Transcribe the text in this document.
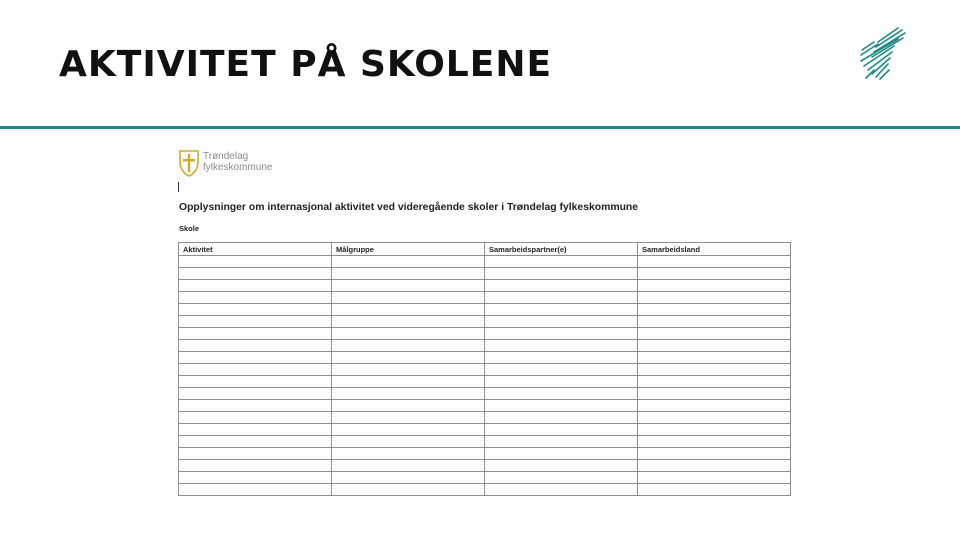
AKTIVITET PÅ SKOLENE
Trøndelag
fylkeskommune
Opplysninger om internasjonal aktivitet ved videregående skoler i Trøndelag fylkeskommune
Skole
Aktivitet	Målgruppe	Samarbeidspartner(e)	Samarbeidsland
